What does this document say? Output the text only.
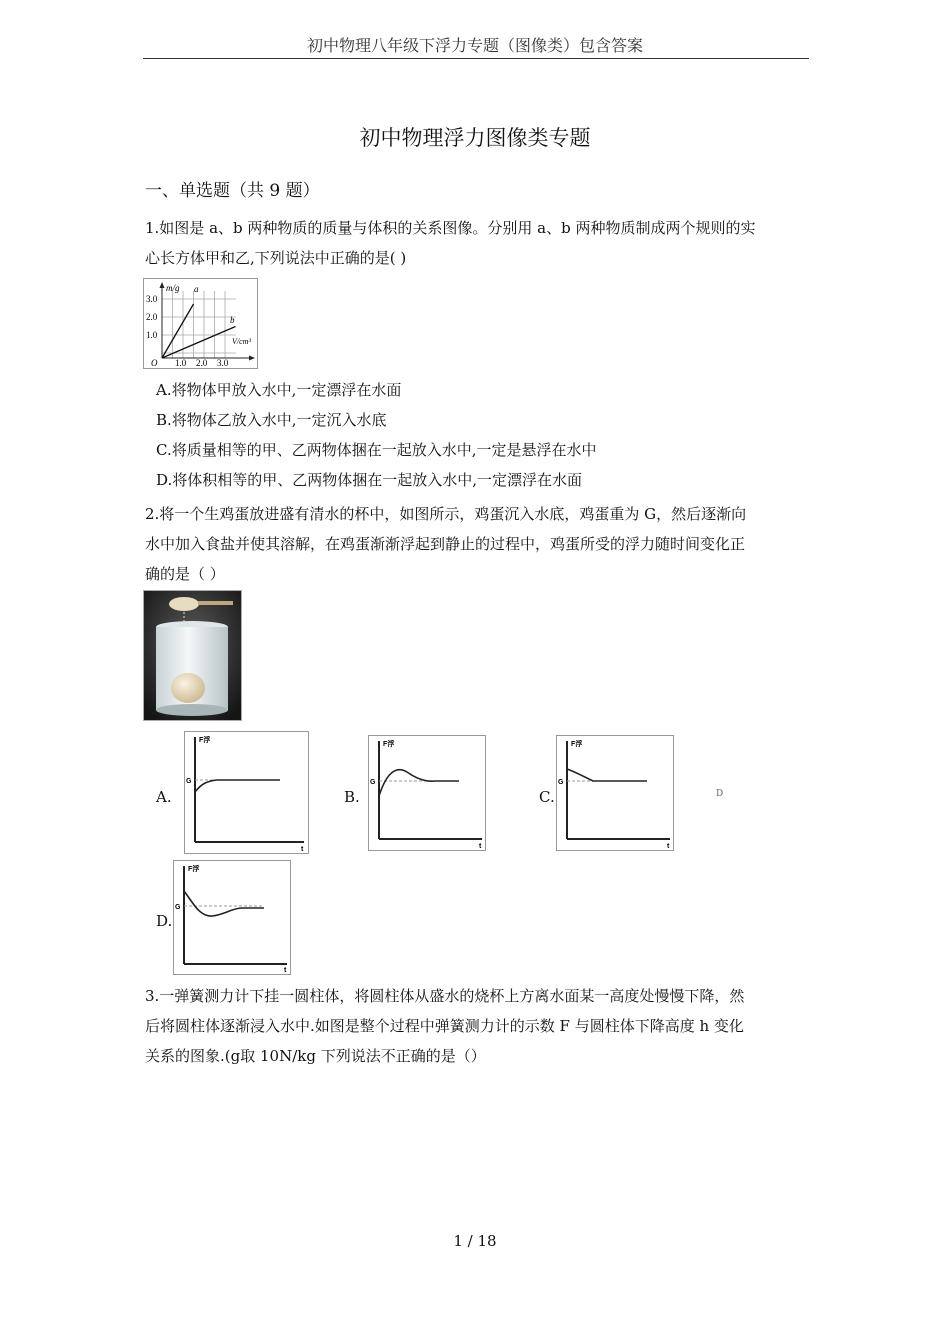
初中物理八年级下浮力专题（图像类）包含答案
初中物理浮力图像类专题
一、单选题（共 9 题）

1.如图是 a、b 两种物质的质量与体积的关系图像。分别用 a、b 两种物质制成两个规则的实

心长方体甲和乙,下列说法中正确的是( )

m/g a
b
3.0
2.0
1.0
O 1.0 2.0 3.0
V/cm³
A.将物体甲放入水中,一定漂浮在水面
B.将物体乙放入水中,一定沉入水底
C.将质量相等的甲、乙两物体捆在一起放入水中,一定是悬浮在水中
D.将体积相等的甲、乙两物体捆在一起放入水中,一定漂浮在水面

2.将一个生鸡蛋放进盛有清水的杯中，如图所示，鸡蛋沉入水底，鸡蛋重为 G，然后逐渐向

水中加入食盐并使其溶解，在鸡蛋渐渐浮起到静止的过程中，鸡蛋所受的浮力随时间变化正

确的是（ ）

A.
F浮
G
t
B.
F浮
G
t
C.
F浮
G
t
D
D.
F浮
G
t

3.一弹簧测力计下挂一圆柱体，将圆柱体从盛水的烧杯上方离水面某一高度处慢慢下降，然

后将圆柱体逐渐浸入水中.如图是整个过程中弹簧测力计的示数 F 与圆柱体下降高度 h 变化

关系的图象.(g取 10N/kg 下列说法不正确的是（）

1 / 18
